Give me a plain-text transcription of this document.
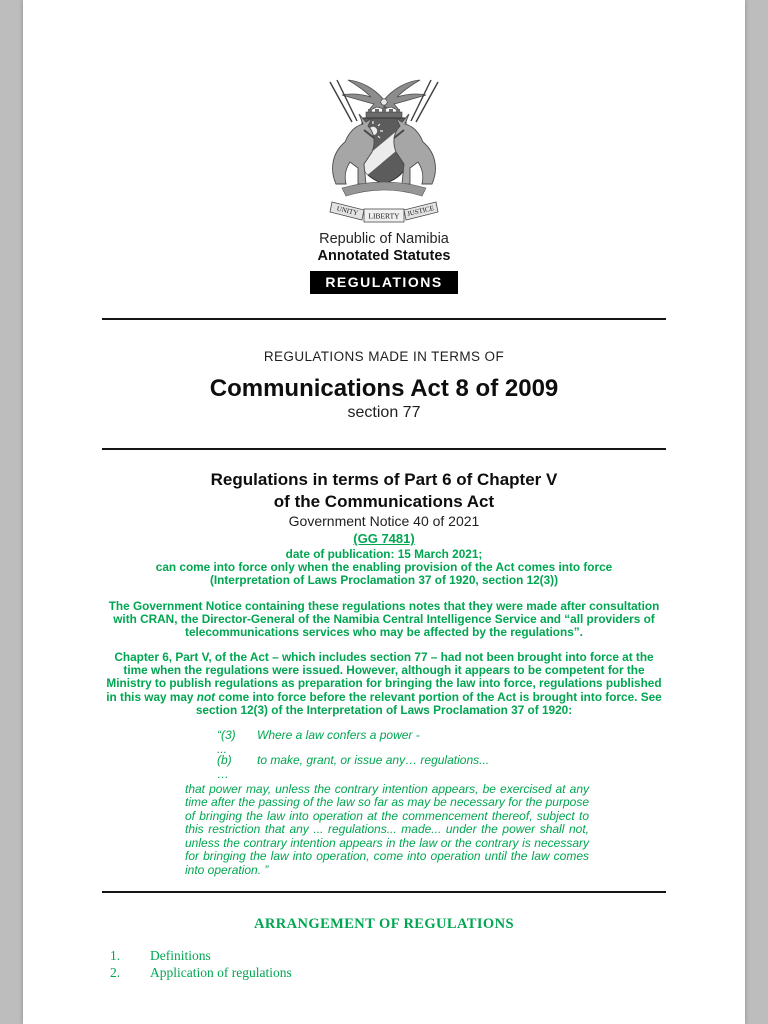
UNITY LIBERTY JUSTICE
Republic of Namibia
Annotated Statutes
REGULATIONS
REGULATIONS MADE IN TERMS OF
Communications Act 8 of 2009
section 77
Regulations in terms of Part 6 of Chapter V
of the Communications Act
Government Notice 40 of 2021
(GG 7481)
date of publication: 15 March 2021;
can come into force only when the enabling provision of the Act comes into force
(Interpretation of Laws Proclamation 37 of 1920, section 12(3))

The Government Notice containing these regulations notes that they were made after consultation with CRAN, the Director-General of the Namibia Central Intelligence Service and “all providers of telecommunications services who may be affected by the regulations”.

Chapter 6, Part V, of the Act – which includes section 77 – had not been brought into force at the time when the regulations were issued. However, although it appears to be competent for the Ministry to publish regulations as preparation for bringing the law into force, regulations published in this way may not come into force before the relevant portion of the Act is brought into force. See section 12(3) of the Interpretation of Laws Proclamation 37 of 1920:

“(3)	Where a law confers a power -
...
(b)	to make, grant, or issue any… regulations...
…
that power may, unless the contrary intention appears, be exercised at any time after the passing of the law so far as may be necessary for the purpose of bringing the law into operation at the commencement thereof, subject to this restriction that any ... regulations... made... under the power shall not, unless the contrary intention appears in the law or the contrary is necessary for bringing the law into operation, come into operation until the law comes into operation. ”
ARRANGEMENT OF REGULATIONS
1.	Definitions
2.	Application of regulations
